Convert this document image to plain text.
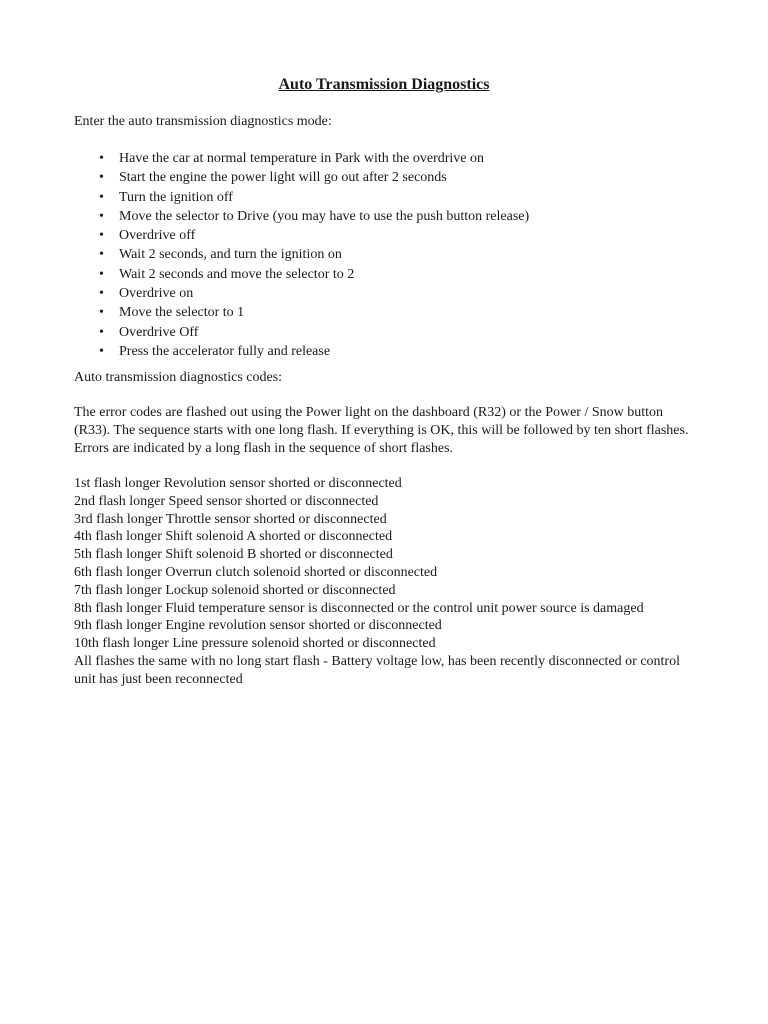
Auto Transmission Diagnostics

Enter the auto transmission diagnostics mode:

• Have the car at normal temperature in Park with the overdrive on
• Start the engine the power light will go out after 2 seconds
• Turn the ignition off
• Move the selector to Drive (you may have to use the push button release)
• Overdrive off
• Wait 2 seconds, and turn the ignition on
• Wait 2 seconds and move the selector to 2
• Overdrive on
• Move the selector to 1
• Overdrive Off
• Press the accelerator fully and release

Auto transmission diagnostics codes:

The error codes are flashed out using the Power light on the dashboard (R32) or the Power / Snow button (R33). The sequence starts with one long flash. If everything is OK, this will be followed by ten short flashes. Errors are indicated by a long flash in the sequence of short flashes.

1st flash longer Revolution sensor shorted or disconnected
2nd flash longer Speed sensor shorted or disconnected
3rd flash longer Throttle sensor shorted or disconnected
4th flash longer Shift solenoid A shorted or disconnected
5th flash longer Shift solenoid B shorted or disconnected
6th flash longer Overrun clutch solenoid shorted or disconnected
7th flash longer Lockup solenoid shorted or disconnected
8th flash longer Fluid temperature sensor is disconnected or the control unit power source is damaged
9th flash longer Engine revolution sensor shorted or disconnected
10th flash longer Line pressure solenoid shorted or disconnected
All flashes the same with no long start flash - Battery voltage low, has been recently disconnected or control unit has just been reconnected
